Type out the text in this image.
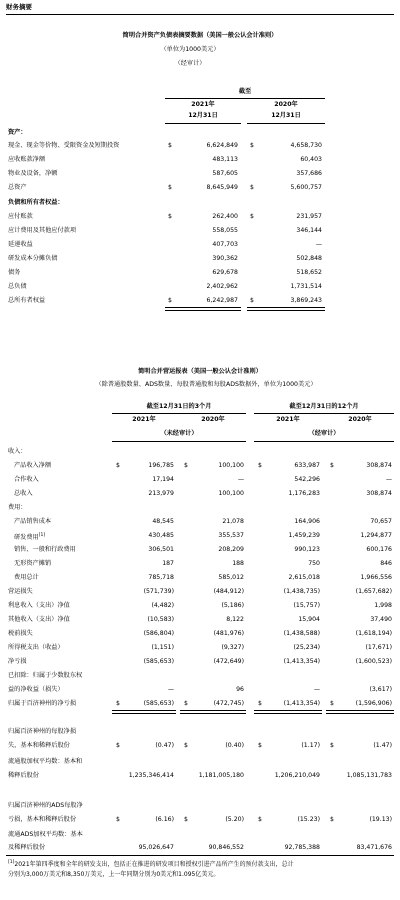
财务摘要
简明合并资产负债表摘要数据（美国一般公认会计准则）
（单位为1000美元）
（经审计）
截至
2021年	2020年
12月31日	12月31日
资产：
现金、现金等价物、受限资金及短期投资	$	6,624,849 $	4,658,730
应收账款净额	483,113	60,403
物业及设备，净额	587,605	357,686
总资产	$	8,645,949 $	5,600,757
负债和所有者权益：
应付账款	$	262,400 $	231,957
应计费用及其他应付款项	558,055	346,144
延递收益	407,703	—
研发成本分摊负债	390,362	502,848
债务	629,678	518,652
总负债	2,402,962	1,731,514
总所有者权益	$	6,242,987 $	3,869,243
简明合并营运报表（美国一般公认会计准则）
（除普通股数量、ADS数量、每股普通股和每股ADS数据外，单位为1000美元）
截至12月31日的3个月	截至12月31日的12个月
2021年	2020年	2021年	2020年
（未经审计）	（经审计）
收入：
产品收入净额	$	196,785 $	100,100 $	633,987 $	308,874
合作收入	17,194	—	542,296	—
总收入	213,979	100,100	1,176,283	308,874
费用：
产品销售成本	48,545	21,078	164,906	70,657
研发费用[1]	430,485	355,537	1,459,239	1,294,877
销售、一般和行政费用	306,501	208,209	990,123	600,176
无形资产摊销	187	188	750	846
费用总计	785,718	585,012	2,615,018	1,966,556
营运损失	(571,739)	(484,912)	(1,438,735)	(1,657,682)
利息收入（支出）净值	(4,482)	(5,186)	(15,757)	1,998
其他收入（支出）净值	(10,583)	8,122	15,904	37,490
税前损失	(586,804)	(481,976)	(1,438,588)	(1,618,194)
所得税支出（收益）	(1,151)	(9,327)	(25,234)	(17,671)
净亏损	(585,653)	(472,649)	(1,413,354)	(1,600,523)
已扣除：归属于少数股东权
益的净收益（损失）	—	96	—	(3,617)
归属于百济神州的净亏损	$	(585,653) $	(472,745) $	(1,413,354) $	(1,596,906)
归属百济神州的每股净损
失，基本和稀释后股份	$	(0.47) $	(0.40) $	(1.17) $	(1.47)
流通股加权平均数：基本和
稀释后股份	1,235,346,414	1,181,005,180	1,206,210,049	1,085,131,783
归属百济神州的ADS每股净
亏损，基本和稀释后股份	$	(6.16) $	(5.20) $	(15.23) $	(19.13)
流通ADS加权平均数：基本
及稀释后股份	95,026,647	90,846,552	92,785,388	83,471,676
[1]2021年第四季度和全年的研发支出，包括正在推进的研发项目和授权引进产品所产生的预付款支出，总计
分别为3,000万美元和8,350万美元，上一年同期分别为0美元和1.095亿美元。
